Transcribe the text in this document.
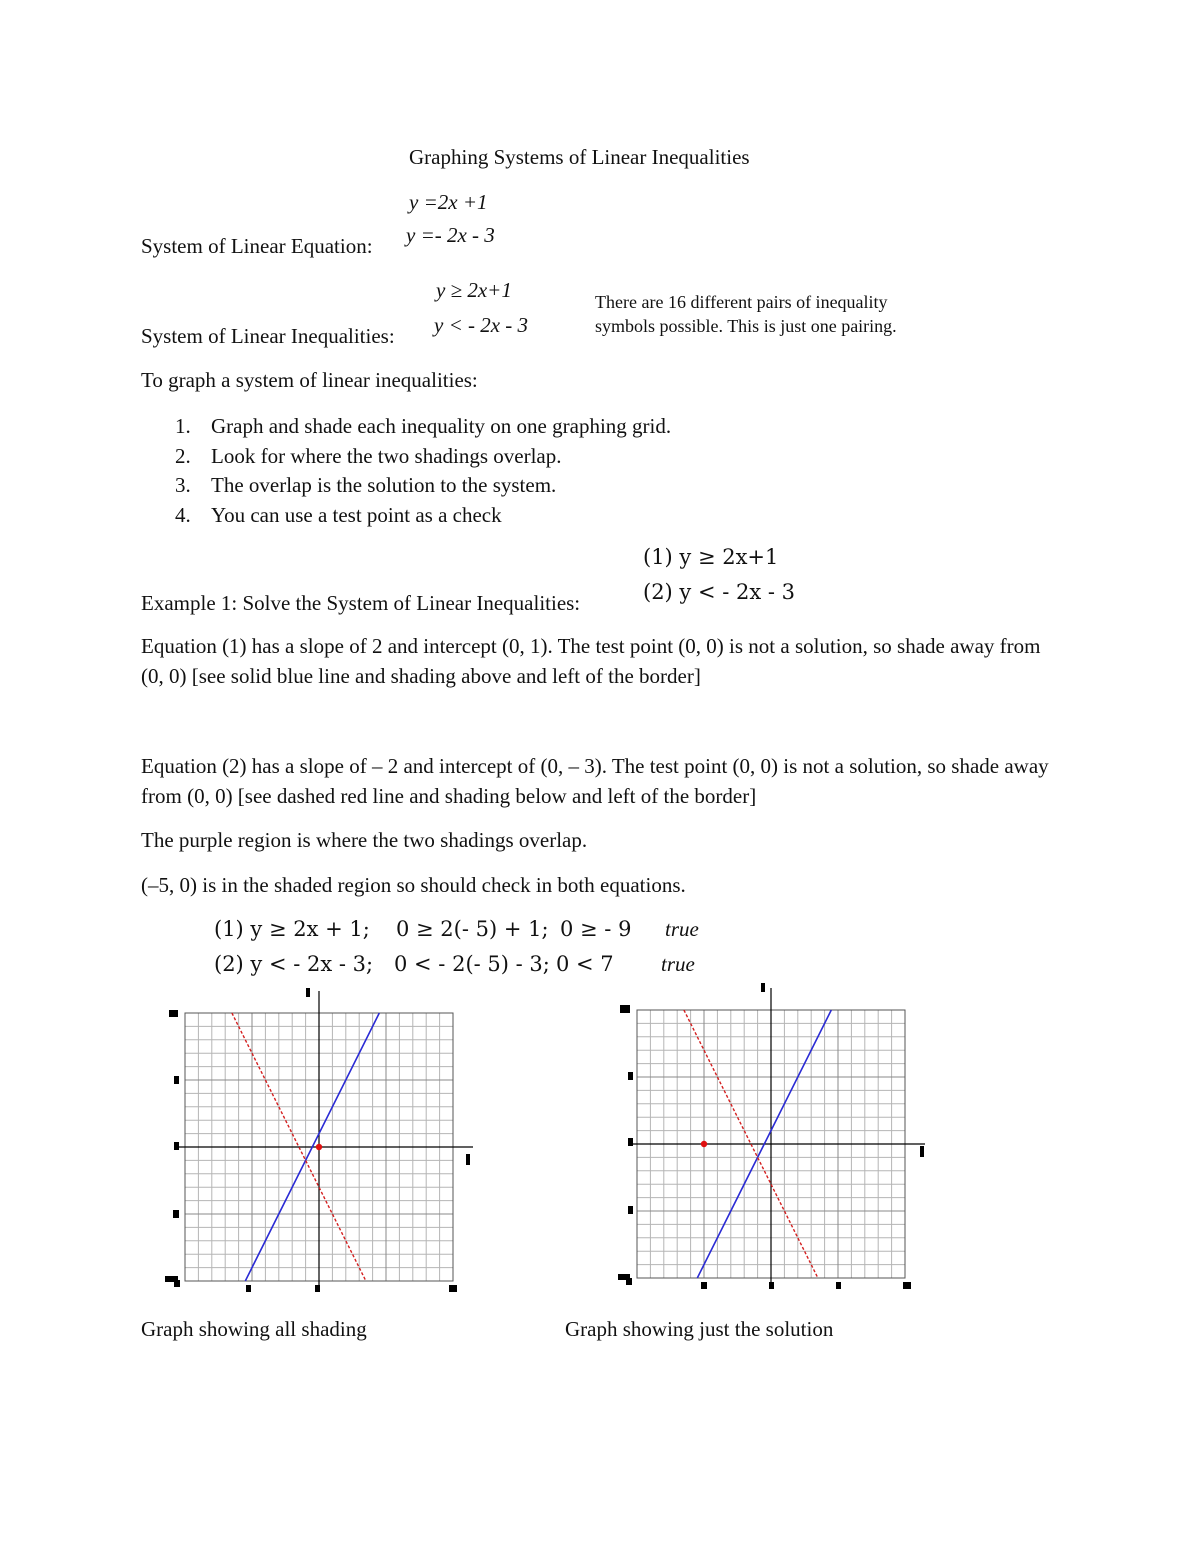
Graphing Systems of Linear Inequalities
y =2x +1
System of Linear Equation: y =- 2x - 3
y ≥ 2x+1
System of Linear Inequalities: y < - 2x - 3
There are 16 different pairs of inequality
symbols possible. This is just one pairing.
To graph a system of linear inequalities:
1. Graph and shade each inequality on one graphing grid.
2. Look for where the two shadings overlap.
3. The overlap is the solution to the system.
4. You can use a test point as a check
(1) y ≥ 2x+1
Example 1: Solve the System of Linear Inequalities:	(2) y < - 2x - 3
Equation (1) has a slope of 2 and intercept (0, 1). The test point (0, 0) is not a solution, so shade away from (0, 0) [see solid blue line and shading above and left of the border]
Equation (2) has a slope of – 2 and intercept of (0, – 3). The test point (0, 0) is not a solution, so shade away from (0, 0) [see dashed red line and shading below and left of the border]
The purple region is where the two shadings overlap.
(–5, 0) is in the shaded region so should check in both equations.
(1) y ≥ 2x + 1; 0 ≥ 2(- 5) + 1; 0 ≥ - 9 true
(2) y < - 2x - 3; 0 < - 2(- 5) - 3; 0 < 7 true
Graph showing all shading	Graph showing just the solution
